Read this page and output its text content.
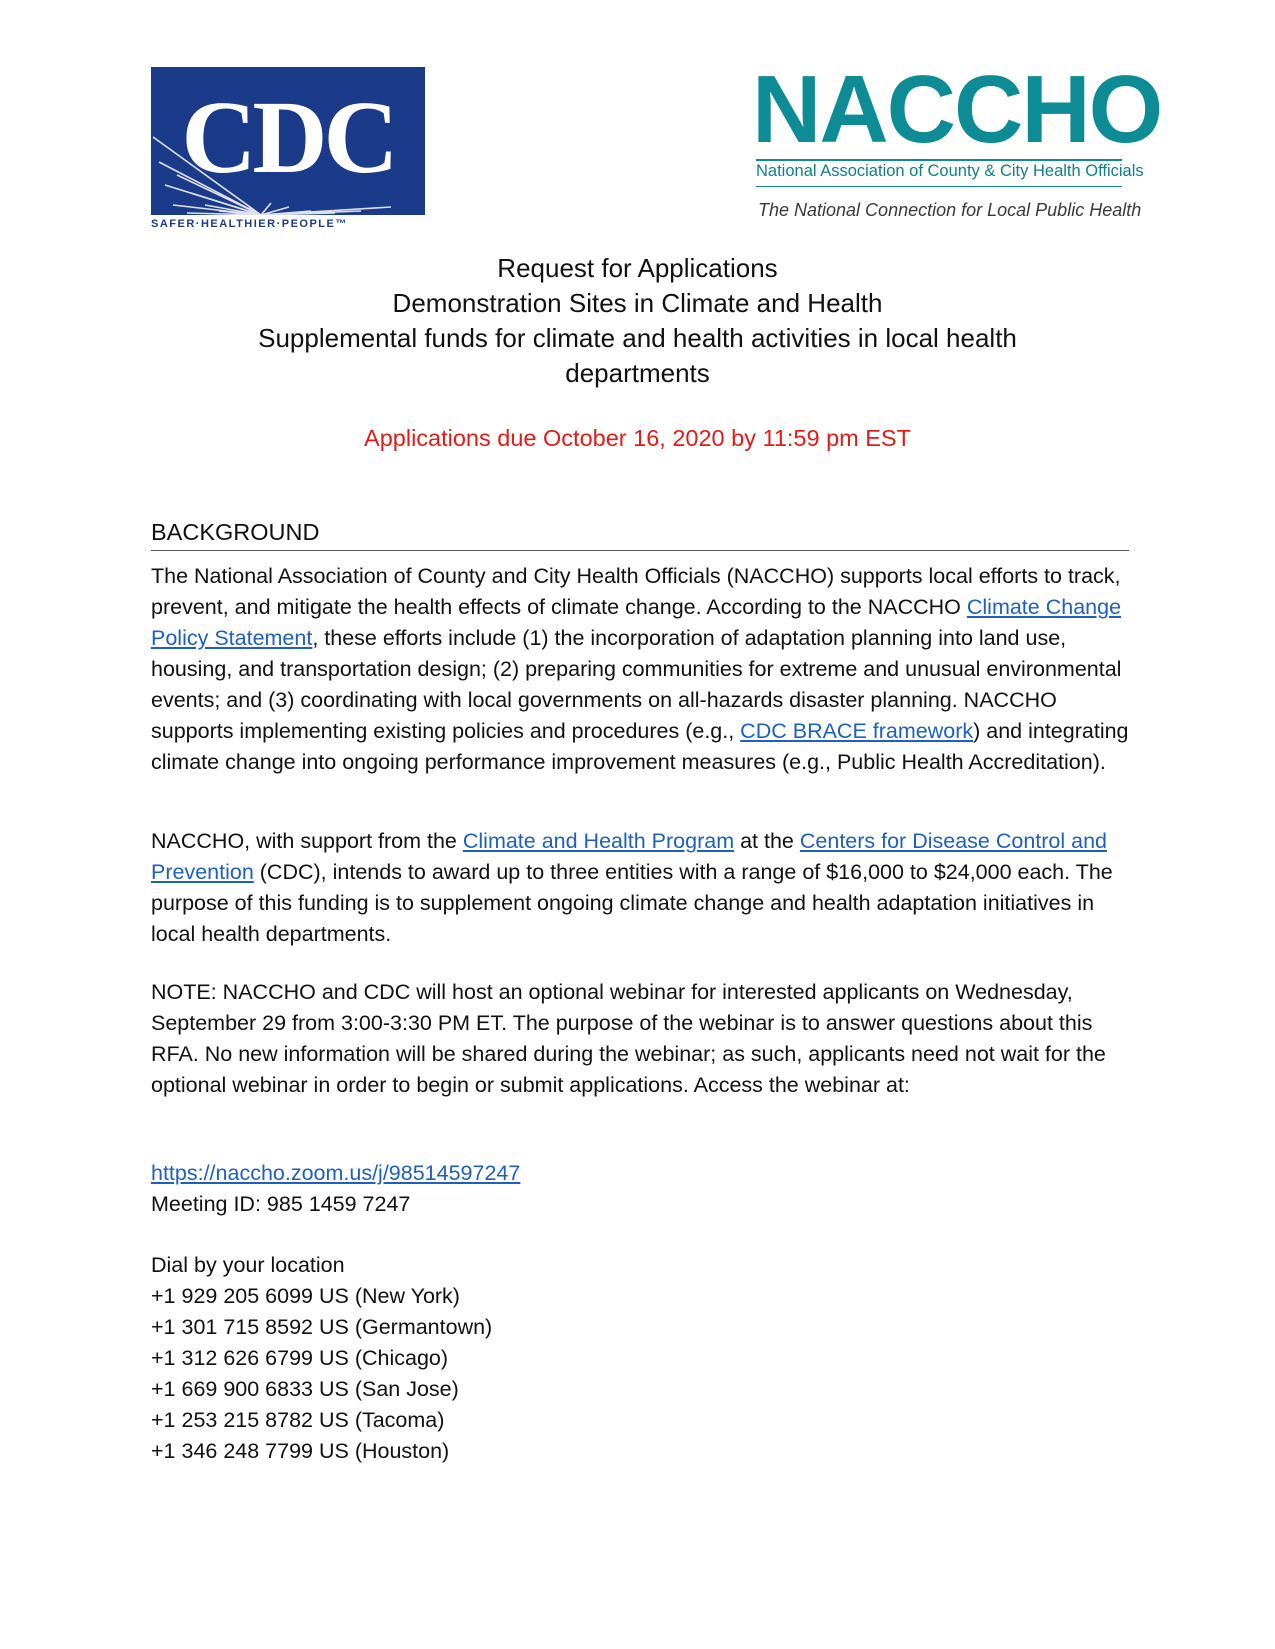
CDC
SAFER·HEALTHIER·PEOPLE™
NACCHO
National Association of County & City Health Officials
The National Connection for Local Public Health
Request for Applications
Demonstration Sites in Climate and Health
Supplemental funds for climate and health activities in local health
departments
Applications due October 16, 2020 by 11:59 pm EST
BACKGROUND
The National Association of County and City Health Officials (NACCHO) supports local efforts to track, prevent, and mitigate the health effects of climate change. According to the NACCHO Climate Change Policy Statement, these efforts include (1) the incorporation of adaptation planning into land use, housing, and transportation design; (2) preparing communities for extreme and unusual environmental events; and (3) coordinating with local governments on all-hazards disaster planning. NACCHO supports implementing existing policies and procedures (e.g., CDC BRACE framework) and integrating climate change into ongoing performance improvement measures (e.g., Public Health Accreditation).
NACCHO, with support from the Climate and Health Program at the Centers for Disease Control and Prevention (CDC), intends to award up to three entities with a range of $16,000 to $24,000 each. The purpose of this funding is to supplement ongoing climate change and health adaptation initiatives in local health departments.
NOTE: NACCHO and CDC will host an optional webinar for interested applicants on Wednesday, September 29 from 3:00-3:30 PM ET. The purpose of the webinar is to answer questions about this RFA. No new information will be shared during the webinar; as such, applicants need not wait for the optional webinar in order to begin or submit applications. Access the webinar at:
https://naccho.zoom.us/j/98514597247
Meeting ID: 985 1459 7247
Dial by your location
+1 929 205 6099 US (New York)
+1 301 715 8592 US (Germantown)
+1 312 626 6799 US (Chicago)
+1 669 900 6833 US (San Jose)
+1 253 215 8782 US (Tacoma)
+1 346 248 7799 US (Houston)
